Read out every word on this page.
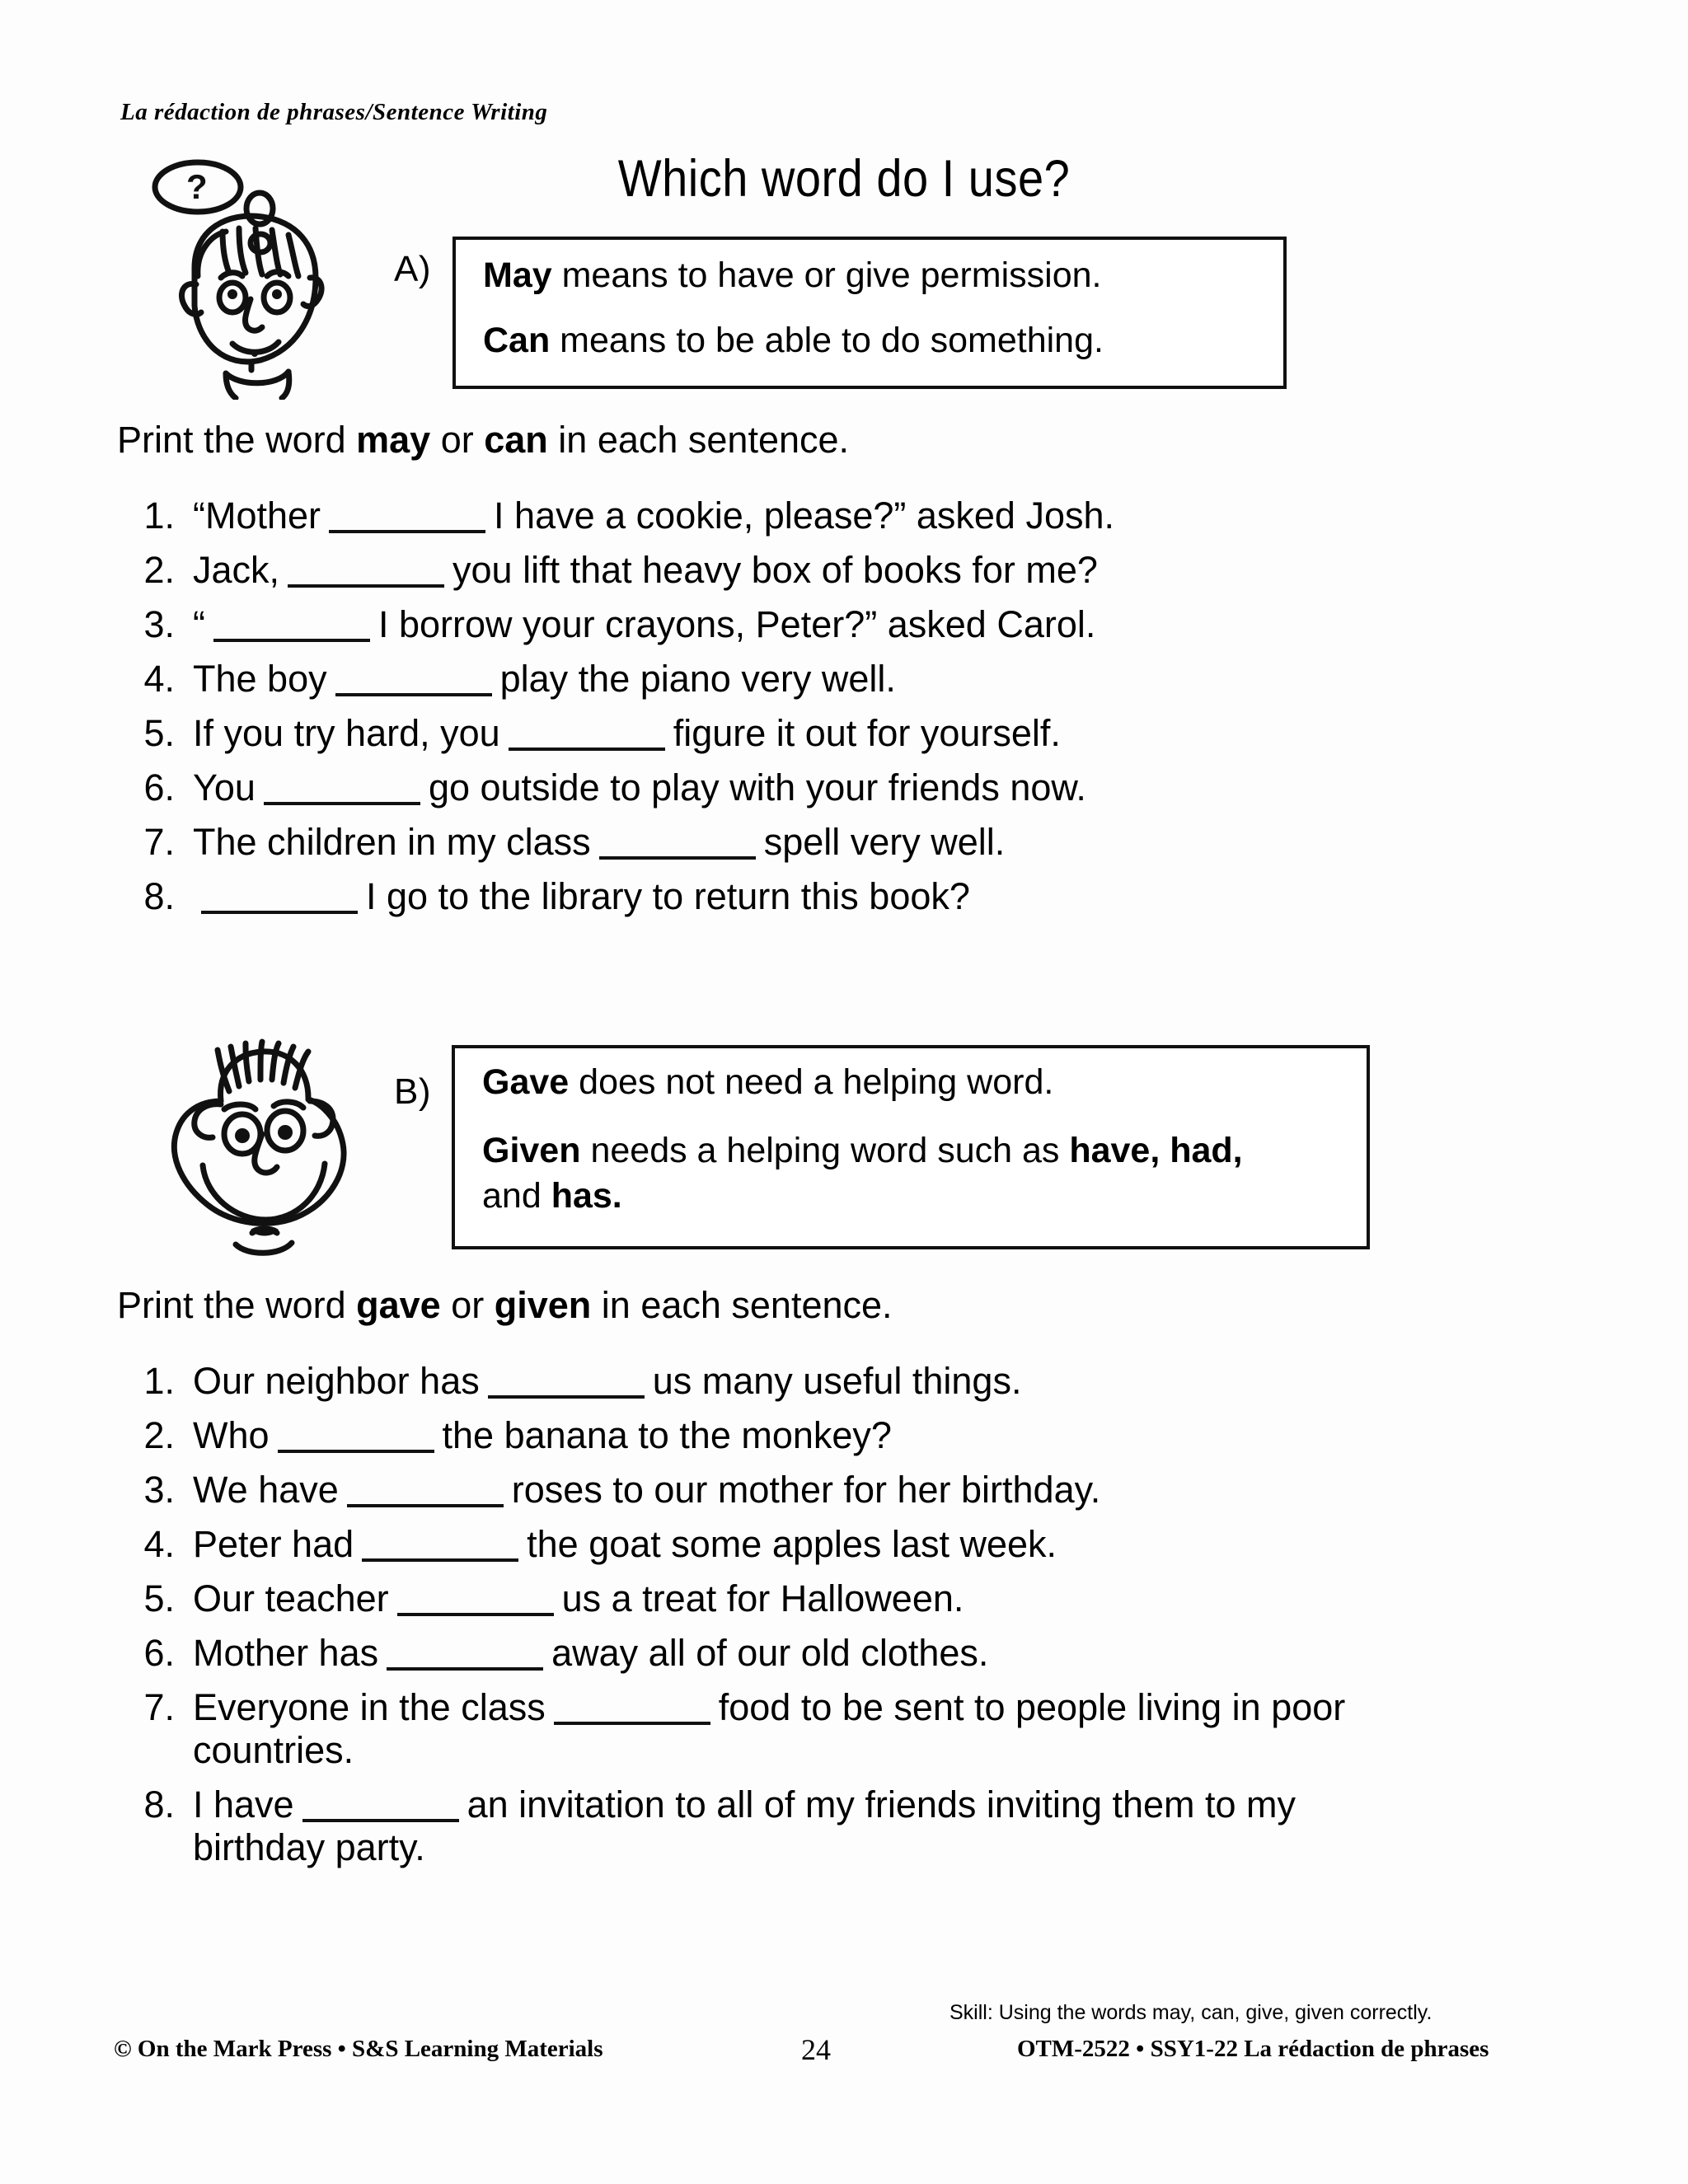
La rédaction de phrases/Sentence Writing
Which word do I use?
?
A) May means to have or give permission.
Can means to be able to do something.
Print the word may or can in each sentence.
1. “Mother	I have a cookie, please?” asked Josh.
2. Jack,	you lift that heavy box of books for me?
3. “	I borrow your crayons, Peter?” asked Carol.
4. The boy	play the piano very well.
5. If you try hard, you	figure it out for yourself.
6. You	go outside to play with your friends now.
7. The children in my class	spell very well.
8.	I go to the library to return this book?
B) Gave does not need a helping word.
Given needs a helping word such as have, had,
and has.
Print the word gave or given in each sentence.
1. Our neighbor has	us many useful things.
2. Who	the banana to the monkey?
3. We have	roses to our mother for her birthday.
4. Peter had	the goat some apples last week.
5. Our teacher	us a treat for Halloween.
6. Mother has	away all of our old clothes.
7. Everyone in the class	food to be sent to people living in poor
countries.
8. I have	an invitation to all of my friends inviting them to my
birthday party.
Skill: Using the words may, can, give, given correctly.
© On the Mark Press • S&S Learning Materials	24	OTM-2522 • SSY1-22 La rédaction de phrases
